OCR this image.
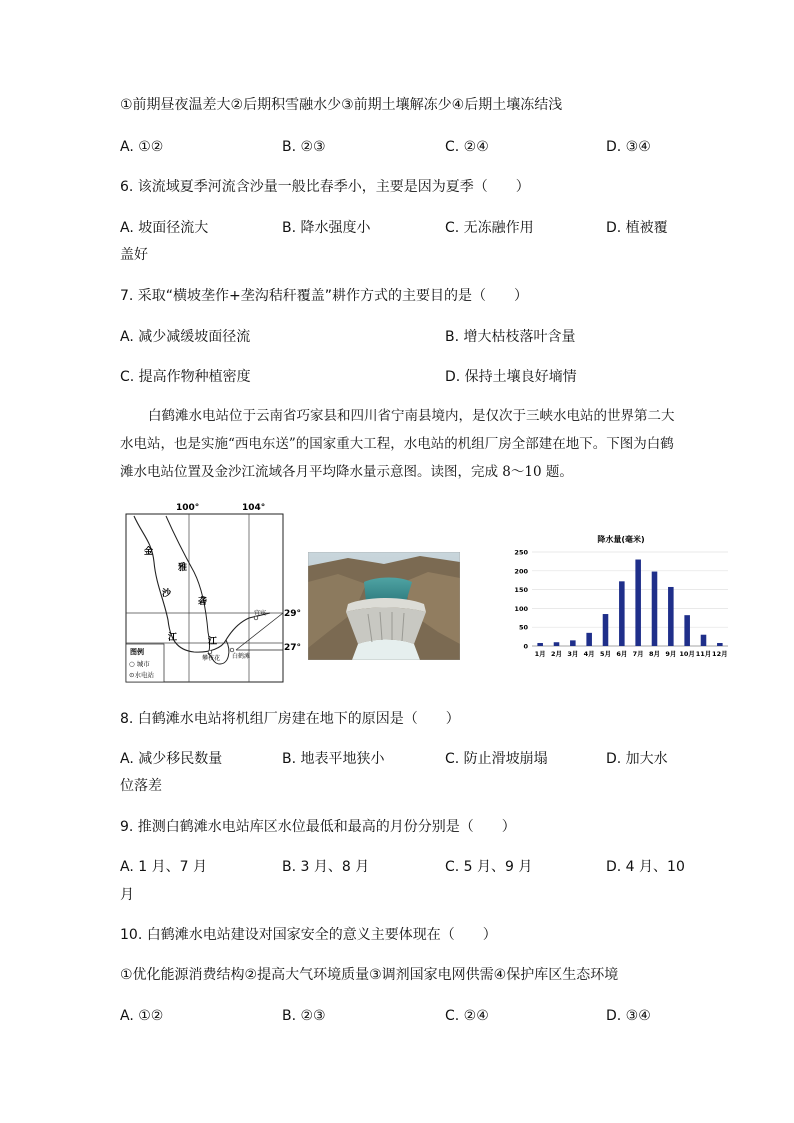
①前期昼夜温差大②后期积雪融水少③前期土壤解冻少④后期土壤冻结浅
A. ①②	B. ②③	C. ②④	D. ③④
6. 该流域夏季河流含沙量一般比春季小，主要是因为夏季（　　）
A. 坡面径流大	B. 降水强度小	C. 无冻融作用	D. 植被覆
盖好
7. 采取“横坡垄作+垄沟秸秆覆盖”耕作方式的主要目的是（　　）
A. 减少减缓坡面径流	B. 增大枯枝落叶含量
C. 提高作物种植密度	D. 保持土壤良好墒情
白鹤滩水电站位于云南省巧家县和四川省宁南县境内，是仅次于三峡水电站的世界第二大水电站，也是实施“西电东送”的国家重大工程，水电站的机组厂房全部建在地下。下图为白鹤滩水电站位置及金沙江流域各月平均降水量示意图。读图，完成 8～10 题。
100°	104°
29°
27°
金
雅
沙
砻
江	江
宜宾
攀枝花 白鹤滩
图例
○ 城市
⊙水电站
降水量(毫米)
0
50
100
150
200
250
1月 2月 3月 4月 5月 6月 7月 8月 9月 10月 11月 12月
8. 白鹤滩水电站将机组厂房建在地下的原因是（　　）
A. 减少移民数量	B. 地表平地狭小	C. 防止滑坡崩塌	D. 加大水
位落差
9. 推测白鹤滩水电站库区水位最低和最高的月份分别是（　　）
A. 1 月、7 月	B. 3 月、8 月	C. 5 月、9 月	D. 4 月、10
月
10. 白鹤滩水电站建设对国家安全的意义主要体现在（　　）
①优化能源消费结构②提高大气环境质量③调剂国家电网供需④保护库区生态环境
A. ①②	B. ②③	C. ②④	D. ③④
